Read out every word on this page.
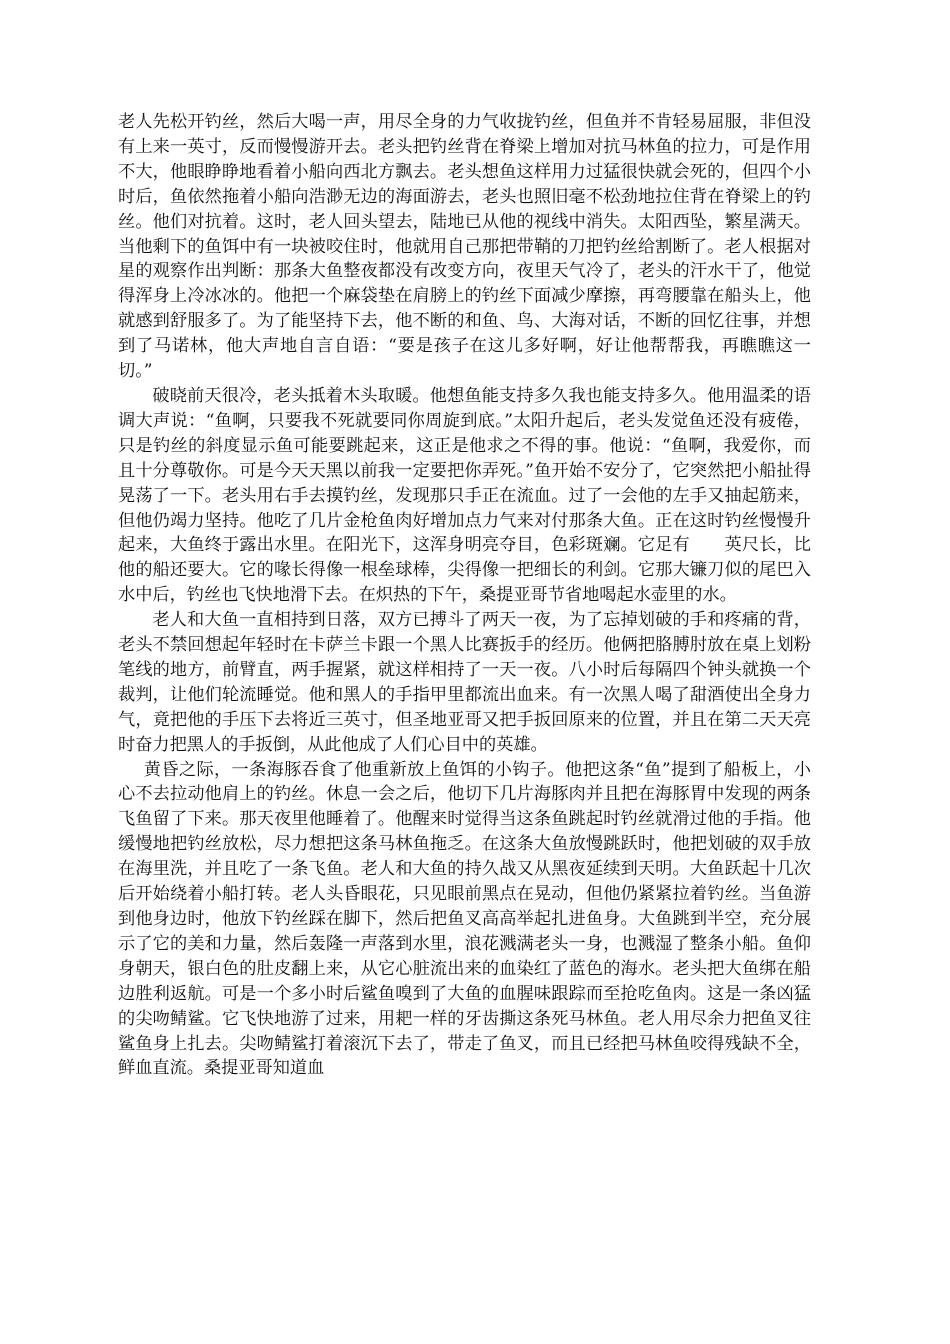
老人先松开钓丝，然后大喝一声，用尽全身的力气收拢钓丝，但鱼并不肯轻易屈服，非但没有上来一英寸，反而慢慢游开去。老头把钓丝背在脊梁上增加对抗马林鱼的拉力，可是作用不大，他眼睁睁地看着小船向西北方飘去。老头想鱼这样用力过猛很快就会死的，但四个小时后，鱼依然拖着小船向浩渺无边的海面游去，老头也照旧毫不松劲地拉住背在脊梁上的钓丝。他们对抗着。这时，老人回头望去，陆地已从他的视线中消失。太阳西坠，繁星满天。当他剩下的鱼饵中有一块被咬住时，他就用自己那把带鞘的刀把钓丝给割断了。老人根据对星的观察作出判断：那条大鱼整夜都没有改变方向，夜里天气冷了，老头的汗水干了，他觉得浑身上冷冰冰的。他把一个麻袋垫在肩膀上的钓丝下面减少摩擦，再弯腰靠在船头上，他就感到舒服多了。为了能坚持下去，他不断的和鱼、鸟、大海对话，不断的回忆往事，并想到了马诺林，他大声地自言自语：“要是孩子在这儿多好啊，好让他帮帮我，再瞧瞧这一切。”

破晓前天很冷，老头抵着木头取暖。他想鱼能支持多久我也能支持多久。他用温柔的语调大声说：“鱼啊，只要我不死就要同你周旋到底。”太阳升起后，老头发觉鱼还没有疲倦，只是钓丝的斜度显示鱼可能要跳起来，这正是他求之不得的事。他说：“鱼啊，我爱你，而且十分尊敬你。可是今天天黑以前我一定要把你弄死。”鱼开始不安分了，它突然把小船扯得晃荡了一下。老头用右手去摸钓丝，发现那只手正在流血。过了一会他的左手又抽起筋来，但他仍竭力坚持。他吃了几片金枪鱼肉好增加点力气来对付那条大鱼。正在这时钓丝慢慢升起来，大鱼终于露出水里。在阳光下，这浑身明亮夺目，色彩斑斓。它足有　　英尺长，比他的船还要大。它的喙长得像一根垒球棒，尖得像一把细长的利剑。它那大镰刀似的尾巴入水中后，钓丝也飞快地滑下去。在炽热的下午，桑提亚哥节省地喝起水壶里的水。

老人和大鱼一直相持到日落，双方已搏斗了两天一夜，为了忘掉划破的手和疼痛的背，老头不禁回想起年轻时在卡萨兰卡跟一个黑人比赛扳手的经历。他俩把胳膊肘放在桌上划粉笔线的地方，前臂直，两手握紧，就这样相持了一天一夜。八小时后每隔四个钟头就换一个裁判，让他们轮流睡觉。他和黑人的手指甲里都流出血来。有一次黑人喝了甜酒使出全身力气，竟把他的手压下去将近三英寸，但圣地亚哥又把手扳回原来的位置，并且在第二天天亮时奋力把黑人的手扳倒，从此他成了人们心目中的英雄。

黄昏之际，一条海豚吞食了他重新放上鱼饵的小钩子。他把这条“鱼”提到了船板上，小心不去拉动他肩上的钓丝。休息一会之后，他切下几片海豚肉并且把在海豚胃中发现的两条飞鱼留了下来。那天夜里他睡着了。他醒来时觉得当这条鱼跳起时钓丝就滑过他的手指。他缓慢地把钓丝放松，尽力想把这条马林鱼拖乏。在这条大鱼放慢跳跃时，他把划破的双手放在海里洗，并且吃了一条飞鱼。老人和大鱼的持久战又从黑夜延续到天明。大鱼跃起十几次后开始绕着小船打转。老人头昏眼花，只见眼前黑点在晃动，但他仍紧紧拉着钓丝。当鱼游到他身边时，他放下钓丝踩在脚下，然后把鱼叉高高举起扎进鱼身。大鱼跳到半空，充分展示了它的美和力量，然后轰隆一声落到水里，浪花溅满老头一身，也溅湿了整条小船。鱼仰身朝天，银白色的肚皮翻上来，从它心脏流出来的血染红了蓝色的海水。老头把大鱼绑在船边胜利返航。可是一个多小时后鲨鱼嗅到了大鱼的血腥味跟踪而至抢吃鱼肉。这是一条凶猛的尖吻鲭鲨。它飞快地游了过来，用耙一样的牙齿撕这条死马林鱼。老人用尽余力把鱼叉往鲨鱼身上扎去。尖吻鲭鲨打着滚沉下去了，带走了鱼叉，而且已经把马林鱼咬得残缺不全，鲜血直流。桑提亚哥知道血
